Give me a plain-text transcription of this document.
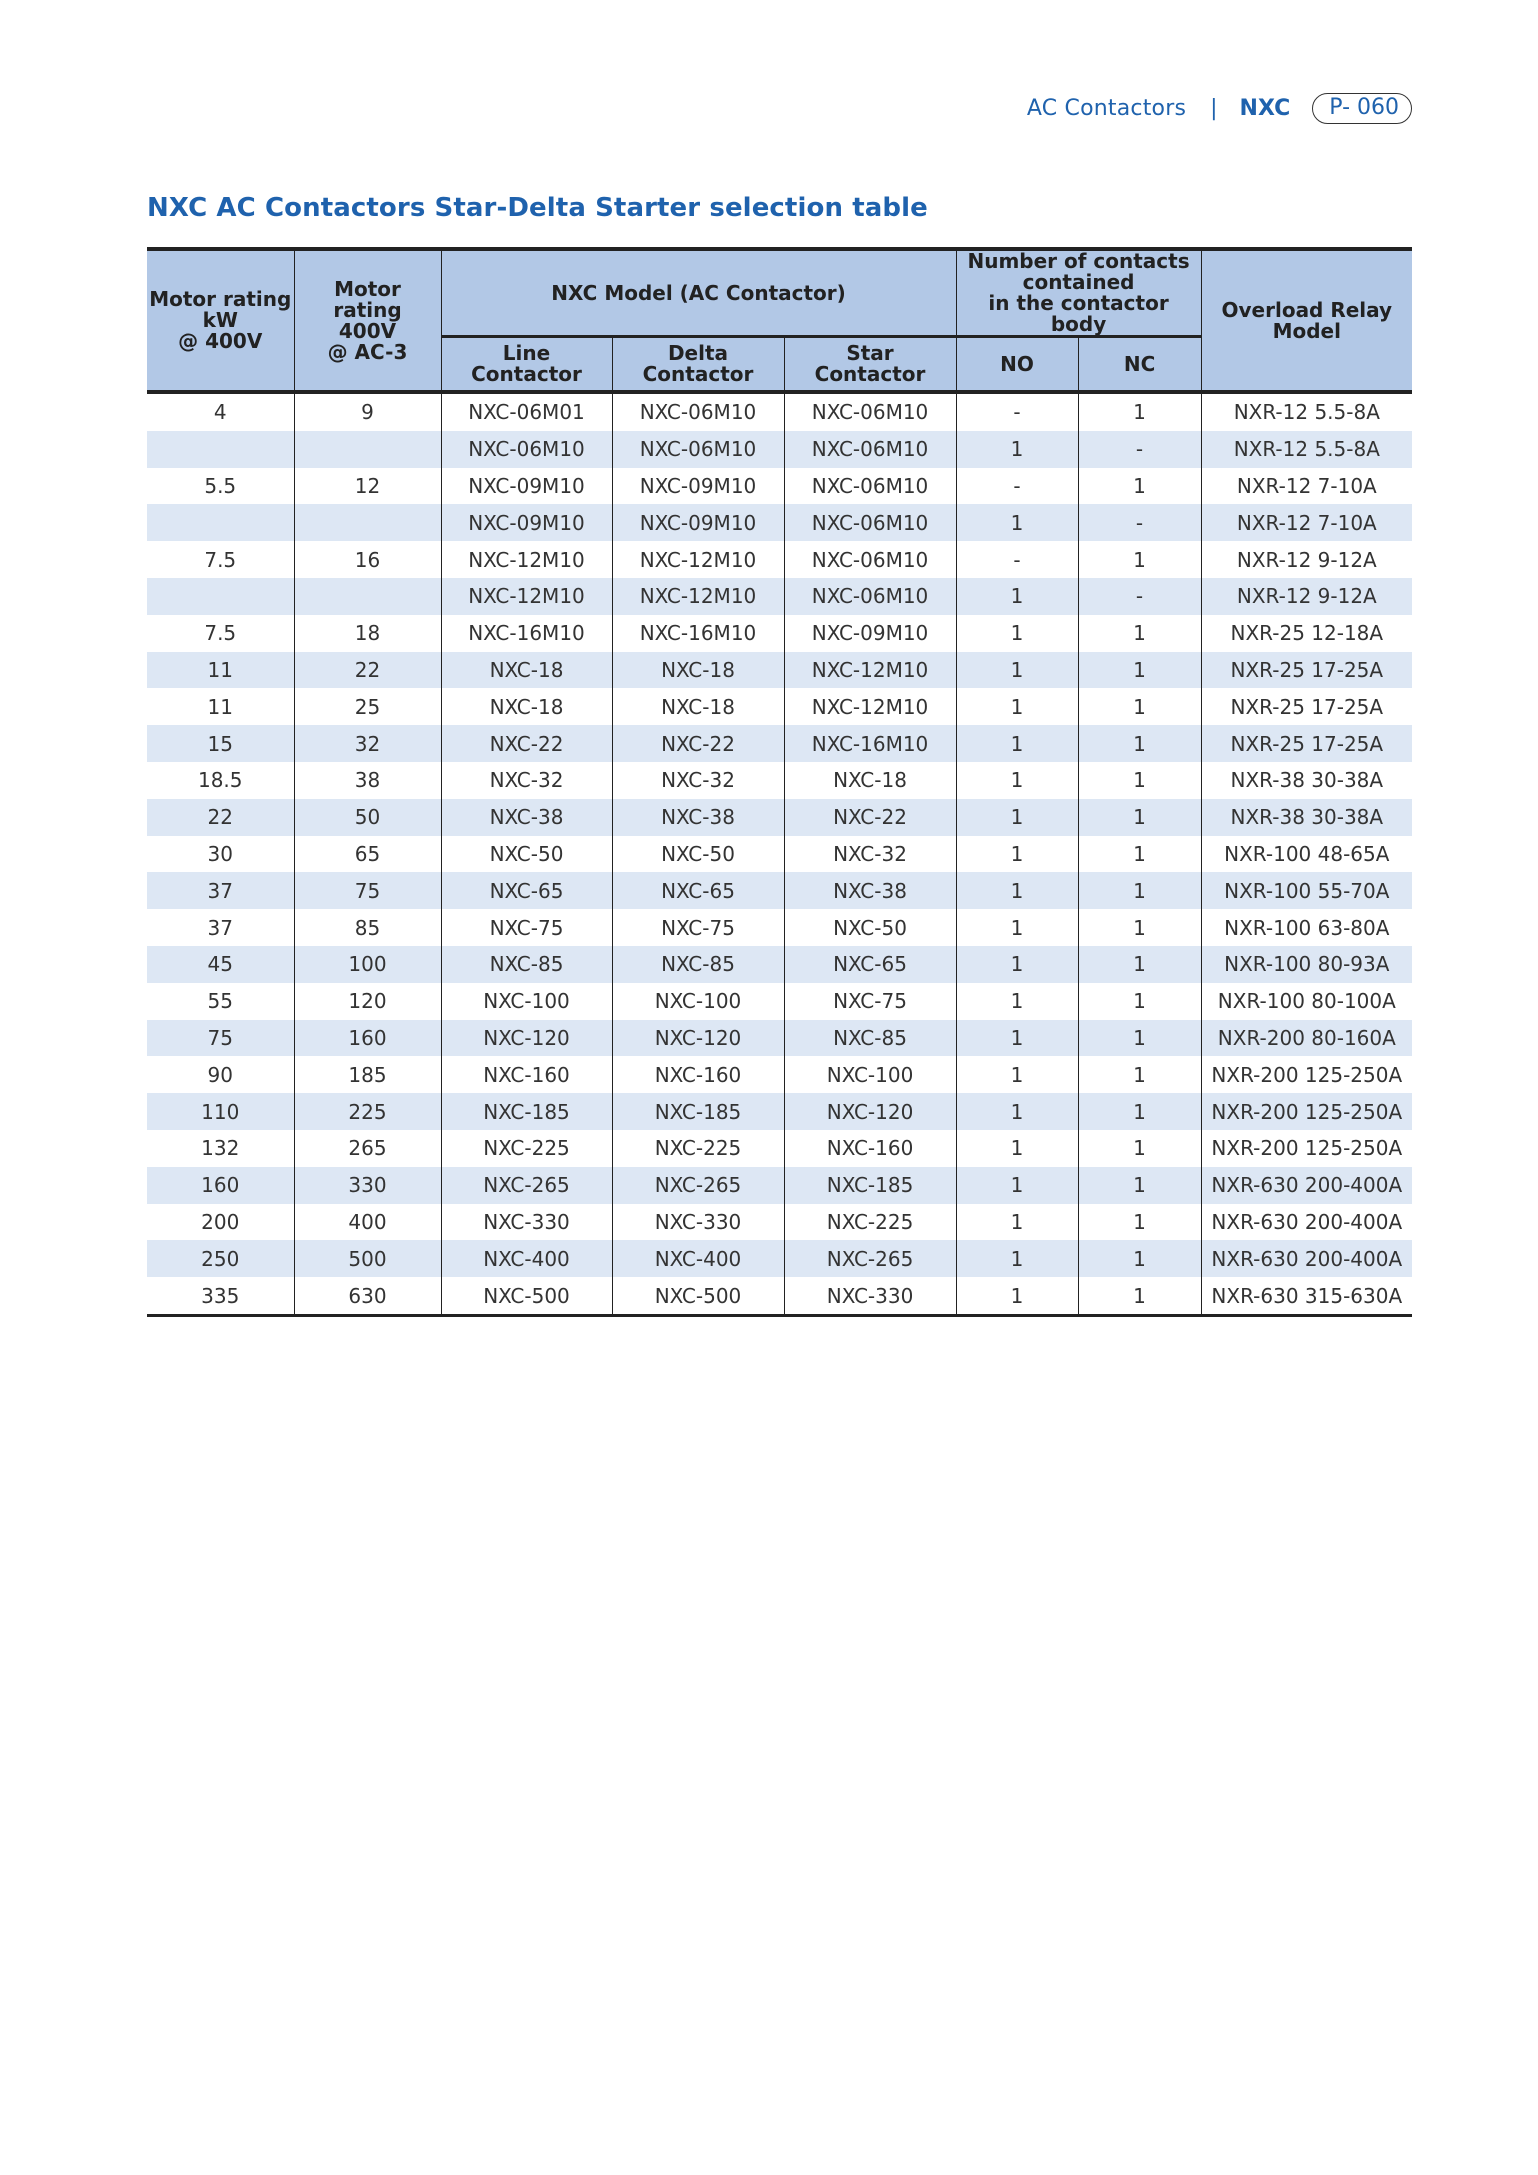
AC Contactors | NXC	P- 060
NXC AC Contactors Star-Delta Starter selection table
Motor rating
kW
@ 400V	Motor rating
400V
@ AC-3	NXC Model (AC Contactor)			Number of contacts
contained
in the contactor body		Overload Relay
Model
		Line
Contactor	Delta
Contactor	Star
Contactor	NO	NC	
4	9	NXC-06M01	NXC-06M10	NXC-06M10	-	1	NXR-12 5.5-8A
		NXC-06M10	NXC-06M10	NXC-06M10	1	-	NXR-12 5.5-8A
5.5	12	NXC-09M10	NXC-09M10	NXC-06M10	-	1	NXR-12 7-10A
		NXC-09M10	NXC-09M10	NXC-06M10	1	-	NXR-12 7-10A
7.5	16	NXC-12M10	NXC-12M10	NXC-06M10	-	1	NXR-12 9-12A
		NXC-12M10	NXC-12M10	NXC-06M10	1	-	NXR-12 9-12A
7.5	18	NXC-16M10	NXC-16M10	NXC-09M10	1	1	NXR-25 12-18A
11	22	NXC-18	NXC-18	NXC-12M10	1	1	NXR-25 17-25A
11	25	NXC-18	NXC-18	NXC-12M10	1	1	NXR-25 17-25A
15	32	NXC-22	NXC-22	NXC-16M10	1	1	NXR-25 17-25A
18.5	38	NXC-32	NXC-32	NXC-18	1	1	NXR-38 30-38A
22	50	NXC-38	NXC-38	NXC-22	1	1	NXR-38 30-38A
30	65	NXC-50	NXC-50	NXC-32	1	1	NXR-100 48-65A
37	75	NXC-65	NXC-65	NXC-38	1	1	NXR-100 55-70A
37	85	NXC-75	NXC-75	NXC-50	1	1	NXR-100 63-80A
45	100	NXC-85	NXC-85	NXC-65	1	1	NXR-100 80-93A
55	120	NXC-100	NXC-100	NXC-75	1	1	NXR-100 80-100A
75	160	NXC-120	NXC-120	NXC-85	1	1	NXR-200 80-160A
90	185	NXC-160	NXC-160	NXC-100	1	1	NXR-200 125-250A
110	225	NXC-185	NXC-185	NXC-120	1	1	NXR-200 125-250A
132	265	NXC-225	NXC-225	NXC-160	1	1	NXR-200 125-250A
160	330	NXC-265	NXC-265	NXC-185	1	1	NXR-630 200-400A
200	400	NXC-330	NXC-330	NXC-225	1	1	NXR-630 200-400A
250	500	NXC-400	NXC-400	NXC-265	1	1	NXR-630 200-400A
335	630	NXC-500	NXC-500	NXC-330	1	1	NXR-630 315-630A
